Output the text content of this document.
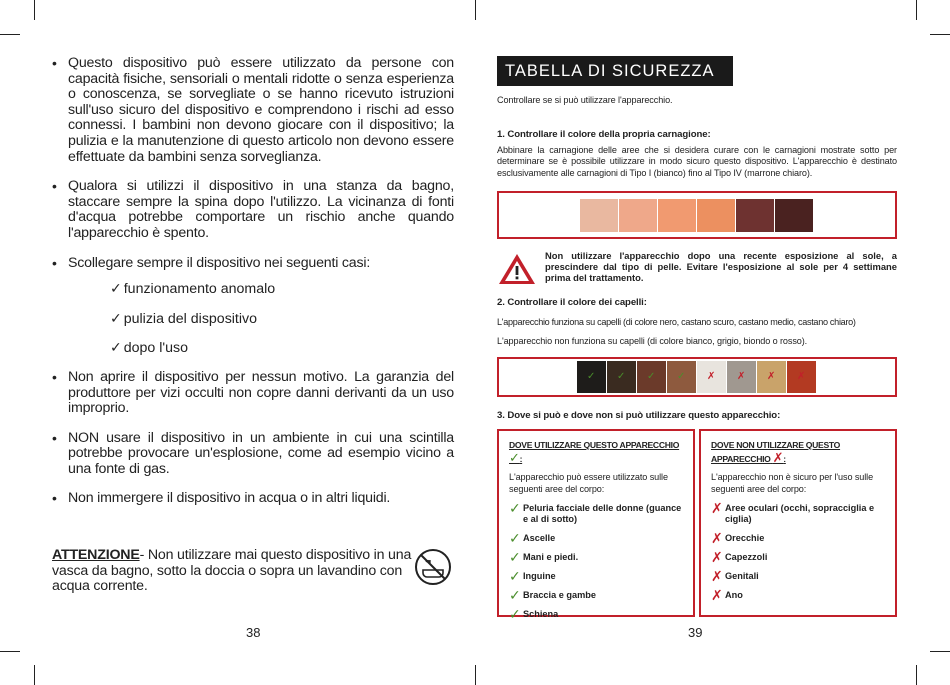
• Questo dispositivo può essere utilizzato da persone con capacità fisiche, sensoriali o mentali ridotte o senza esperienza o conoscenza, se sorvegliate o se hanno ricevuto istruzioni sull'uso sicuro del dispositivo e comprendono i rischi ad esso connessi. I bambini non devono giocare con il dispositivo; la pulizia e la manutenzione di questo articolo non devono essere effettuate da bambini senza sorveglianza.
• Qualora si utilizzi il dispositivo in una stanza da bagno, staccare sempre la spina dopo l'utilizzo. La vicinanza di fonti d'acqua potrebbe comportare un rischio anche quando l'apparecchio è spento.
• Scollegare sempre il dispositivo nei seguenti casi:
✓ funzionamento anomalo
✓ pulizia del dispositivo
✓ dopo l'uso
• Non aprire il dispositivo per nessun motivo. La garanzia del produttore per vizi occulti non copre danni derivanti da un uso improprio.
• NON usare il dispositivo in un ambiente in cui una scintilla potrebbe provocare un'esplosione, come ad esempio vicino a una fonte di gas.
• Non immergere il dispositivo in acqua o in altri liquidi.
ATTENZIONE- Non utilizzare mai questo dispositivo in una vasca da bagno, sotto la doccia o sopra un lavandino con acqua corrente.
38
TABELLA DI SICUREZZA
Controllare se si può utilizzare l'apparecchio.
1. Controllare il colore della propria carnagione:
Abbinare la carnagione delle aree che si desidera curare con le carnagioni mostrate sotto per determinare se è possibile utilizzare in modo sicuro questo dispositivo. L'apparecchio è destinato esclusivamente alle carnagioni di Tipo I (bianco) fino al Tipo IV (marrone chiaro).
Non utilizzare l'apparecchio dopo una recente esposizione al sole, a prescindere dal tipo di pelle. Evitare l'esposizione al sole per 4 settimane prima del trattamento.
2. Controllare il colore dei capelli:
L'apparecchio funziona su capelli (di colore nero, castano scuro, castano medio, castano chiaro)
L'apparecchio non funziona su capelli (di colore bianco, grigio, biondo o rosso).
✓ ✓ ✓ ✓ ✗ ✗ ✗ ✗
3. Dove si può e dove non si può utilizzare questo apparecchio:
DOVE UTILIZZARE QUESTO APPARECCHIO ✓:
L'apparecchio può essere utilizzato sulle seguenti aree del corpo:
✓ Peluria facciale delle donne (guance e al di sotto)
✓ Ascelle
✓ Mani e piedi.
✓ Inguine
✓ Braccia e gambe
✓ Schiena
DOVE NON UTILIZZARE QUESTO APPARECCHIO ✗:
L'apparecchio non è sicuro per l'uso sulle seguenti aree del corpo:
✗ Aree oculari (occhi, sopracciglia e ciglia)
✗ Orecchie
✗ Capezzoli
✗ Genitali
✗ Ano
39
